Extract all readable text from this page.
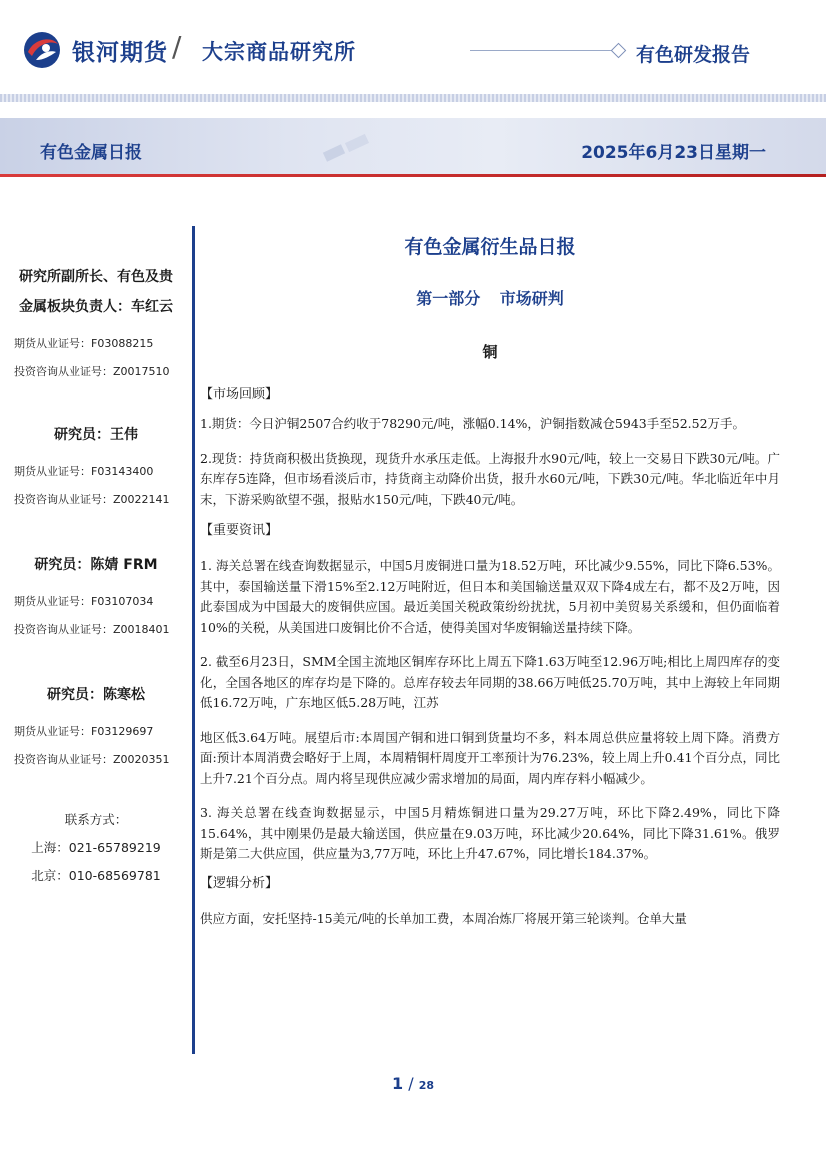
银河期货 / 大宗商品研究所	有色研发报告
有色金属日报	2025年6月23日星期一
研究所副所长、有色及贵
金属板块负责人：车红云
期货从业证号：F03088215
投资咨询从业证号：Z0017510
研究员：王伟
期货从业证号：F03143400
投资咨询从业证号：Z0022141
研究员：陈婧 FRM
期货从业证号：F03107034
投资咨询从业证号：Z0018401
研究员：陈寒松
期货从业证号：F03129697
投资咨询从业证号：Z0020351
联系方式：
上海：021-65789219
北京：010-68569781
有色金属衍生品日报
第一部分 市场研判
铜
【市场回顾】

1.期货：今日沪铜2507合约收于78290元/吨，涨幅0.14%，沪铜指数减仓5943手至52.52万手。

2.现货：持货商积极出货换现，现货升水承压走低。上海报升水90元/吨，较上一交易日下跌30元/吨。广东库存5连降，但市场看淡后市，持货商主动降价出货，报升水60元/吨，下跌30元/吨。华北临近年中月末，下游采购欲望不强，报贴水150元/吨，下跌40元/吨。

【重要资讯】

1. 海关总署在线查询数据显示，中国5月废铜进口量为18.52万吨，环比减少9.55%，同比下降6.53%。其中，泰国输送量下滑15%至2.12万吨附近，但日本和美国输送量双双下降4成左右，都不及2万吨，因此泰国成为中国最大的废铜供应国。最近美国关税政策纷纷扰扰，5月初中美贸易关系缓和，但仍面临着10%的关税，从美国进口废铜比价不合适，使得美国对华废铜输送量持续下降。

2. 截至6月23日，SMM全国主流地区铜库存环比上周五下降1.63万吨至12.96万吨;相比上周四库存的变化，全国各地区的库存均是下降的。总库存较去年同期的38.66万吨低25.70万吨，其中上海较上年同期低16.72万吨，广东地区低5.28万吨，江苏

地区低3.64万吨。展望后市:本周国产铜和进口铜到货量均不多，料本周总供应量将较上周下降。消费方面:预计本周消费会略好于上周，本周精铜杆周度开工率预计为76.23%，较上周上升0.41个百分点，同比上升7.21个百分点。周内将呈现供应减少需求增加的局面，周内库存料小幅减少。

3. 海关总署在线查询数据显示，中国5月精炼铜进口量为29.27万吨，环比下降2.49%，同比下降15.64%，其中刚果仍是最大输送国，供应量在9.03万吨，环比减少20.64%，同比下降31.61%。俄罗斯是第二大供应国，供应量为3,77万吨，环比上升47.67%，同比增长184.37%。

【逻辑分析】

供应方面，安托坚持-15美元/吨的长单加工费，本周冶炼厂将展开第三轮谈判。仓单大量

1 / 28
